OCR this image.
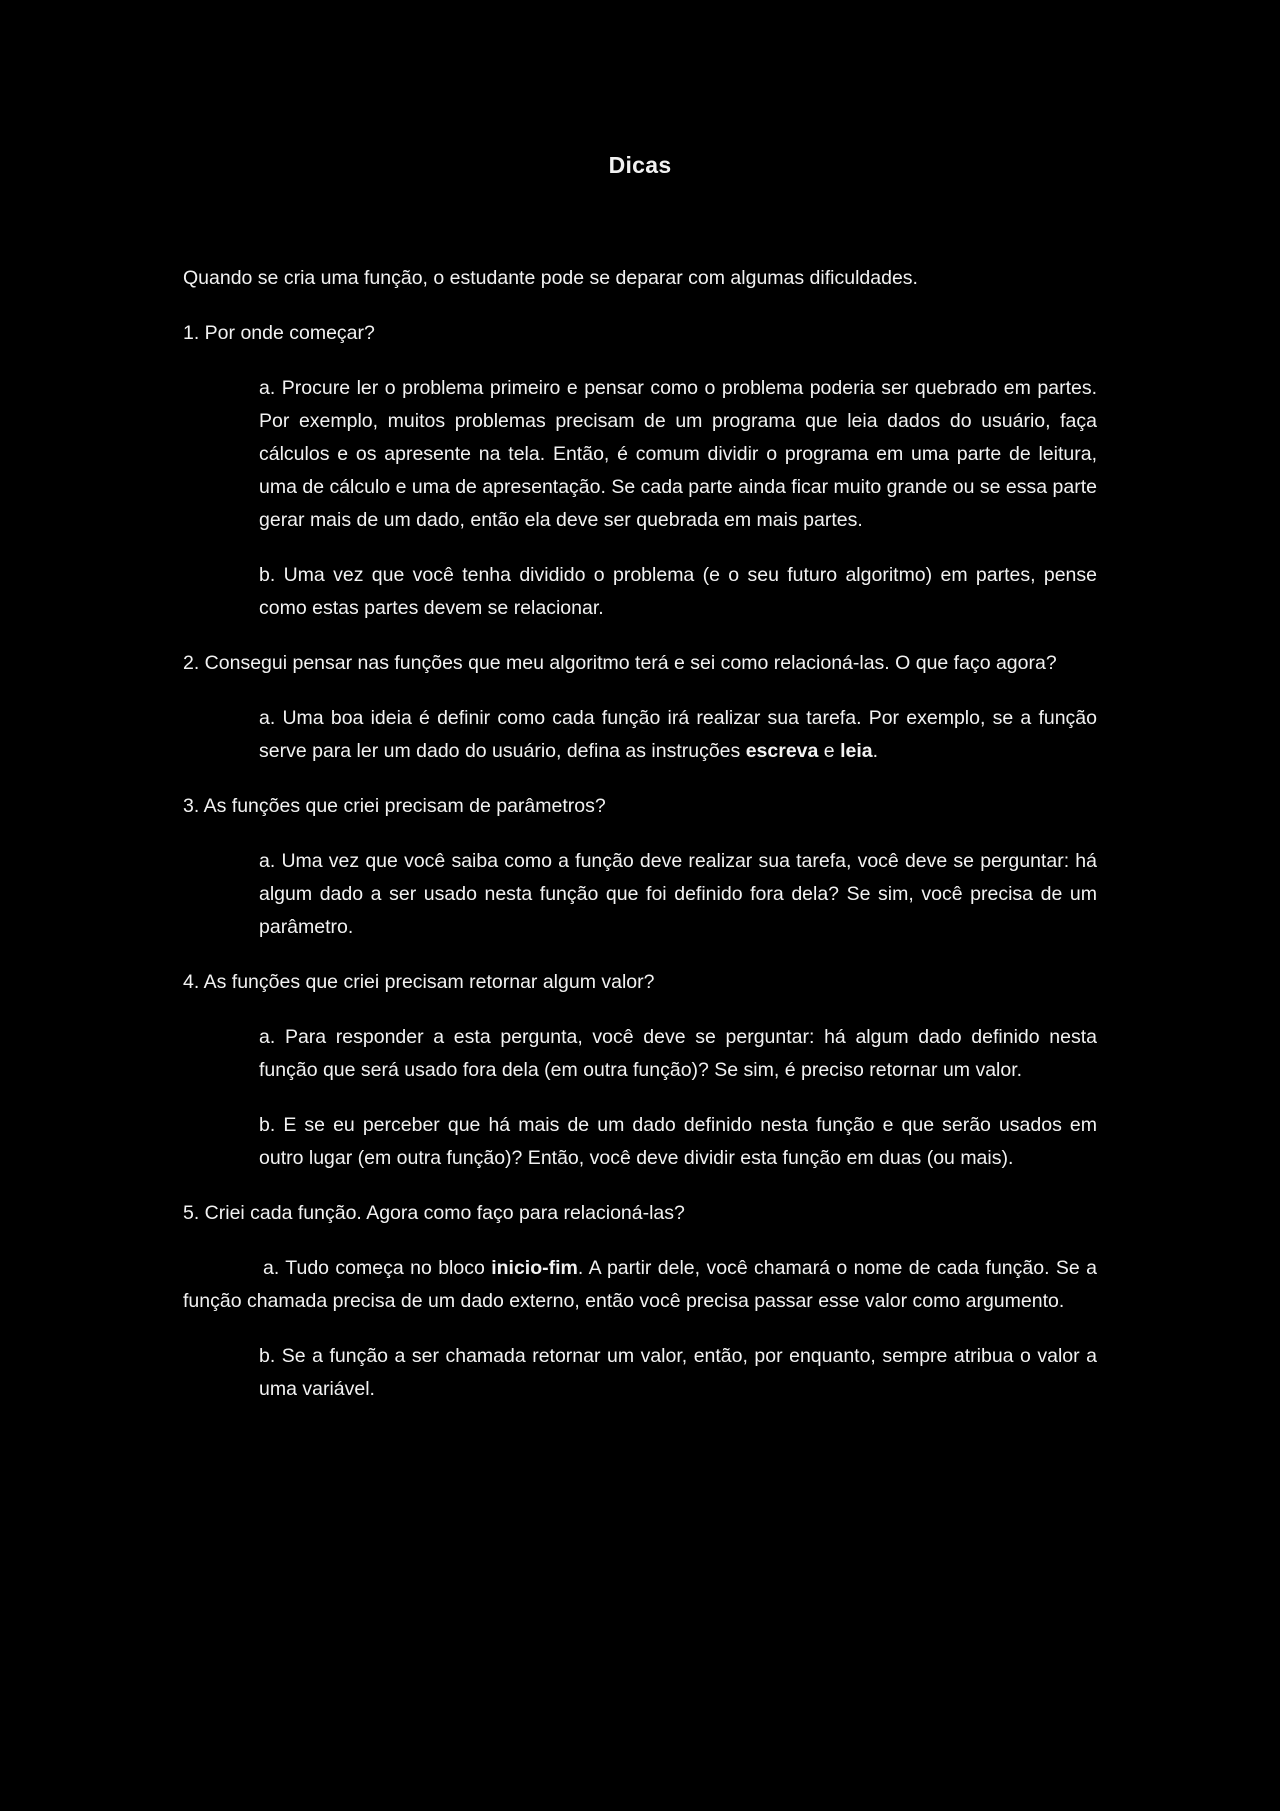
Dicas

Quando se cria uma função, o estudante pode se deparar com algumas dificuldades.

1. Por onde começar?

a. Procure ler o problema primeiro e pensar como o problema poderia ser quebrado em partes. Por exemplo, muitos problemas precisam de um programa que leia dados do usuário, faça cálculos e os apresente na tela. Então, é comum dividir o programa em uma parte de leitura, uma de cálculo e uma de apresentação. Se cada parte ainda ficar muito grande ou se essa parte gerar mais de um dado, então ela deve ser quebrada em mais partes.

b. Uma vez que você tenha dividido o problema (e o seu futuro algoritmo) em partes, pense como estas partes devem se relacionar.

2. Consegui pensar nas funções que meu algoritmo terá e sei como relacioná-las. O que faço agora?

a. Uma boa ideia é definir como cada função irá realizar sua tarefa. Por exemplo, se a função serve para ler um dado do usuário, defina as instruções escreva e leia.

3. As funções que criei precisam de parâmetros?

a. Uma vez que você saiba como a função deve realizar sua tarefa, você deve se perguntar: há algum dado a ser usado nesta função que foi definido fora dela? Se sim, você precisa de um parâmetro.

4. As funções que criei precisam retornar algum valor?

a. Para responder a esta pergunta, você deve se perguntar: há algum dado definido nesta função que será usado fora dela (em outra função)? Se sim, é preciso retornar um valor.

b. E se eu perceber que há mais de um dado definido nesta função e que serão usados em outro lugar (em outra função)? Então, você deve dividir esta função em duas (ou mais).

5. Criei cada função. Agora como faço para relacioná-las?

a. Tudo começa no bloco inicio-fim. A partir dele, você chamará o nome de cada função. Se a função chamada precisa de um dado externo, então você precisa passar esse valor como argumento.

b. Se a função a ser chamada retornar um valor, então, por enquanto, sempre atribua o valor a uma variável.
